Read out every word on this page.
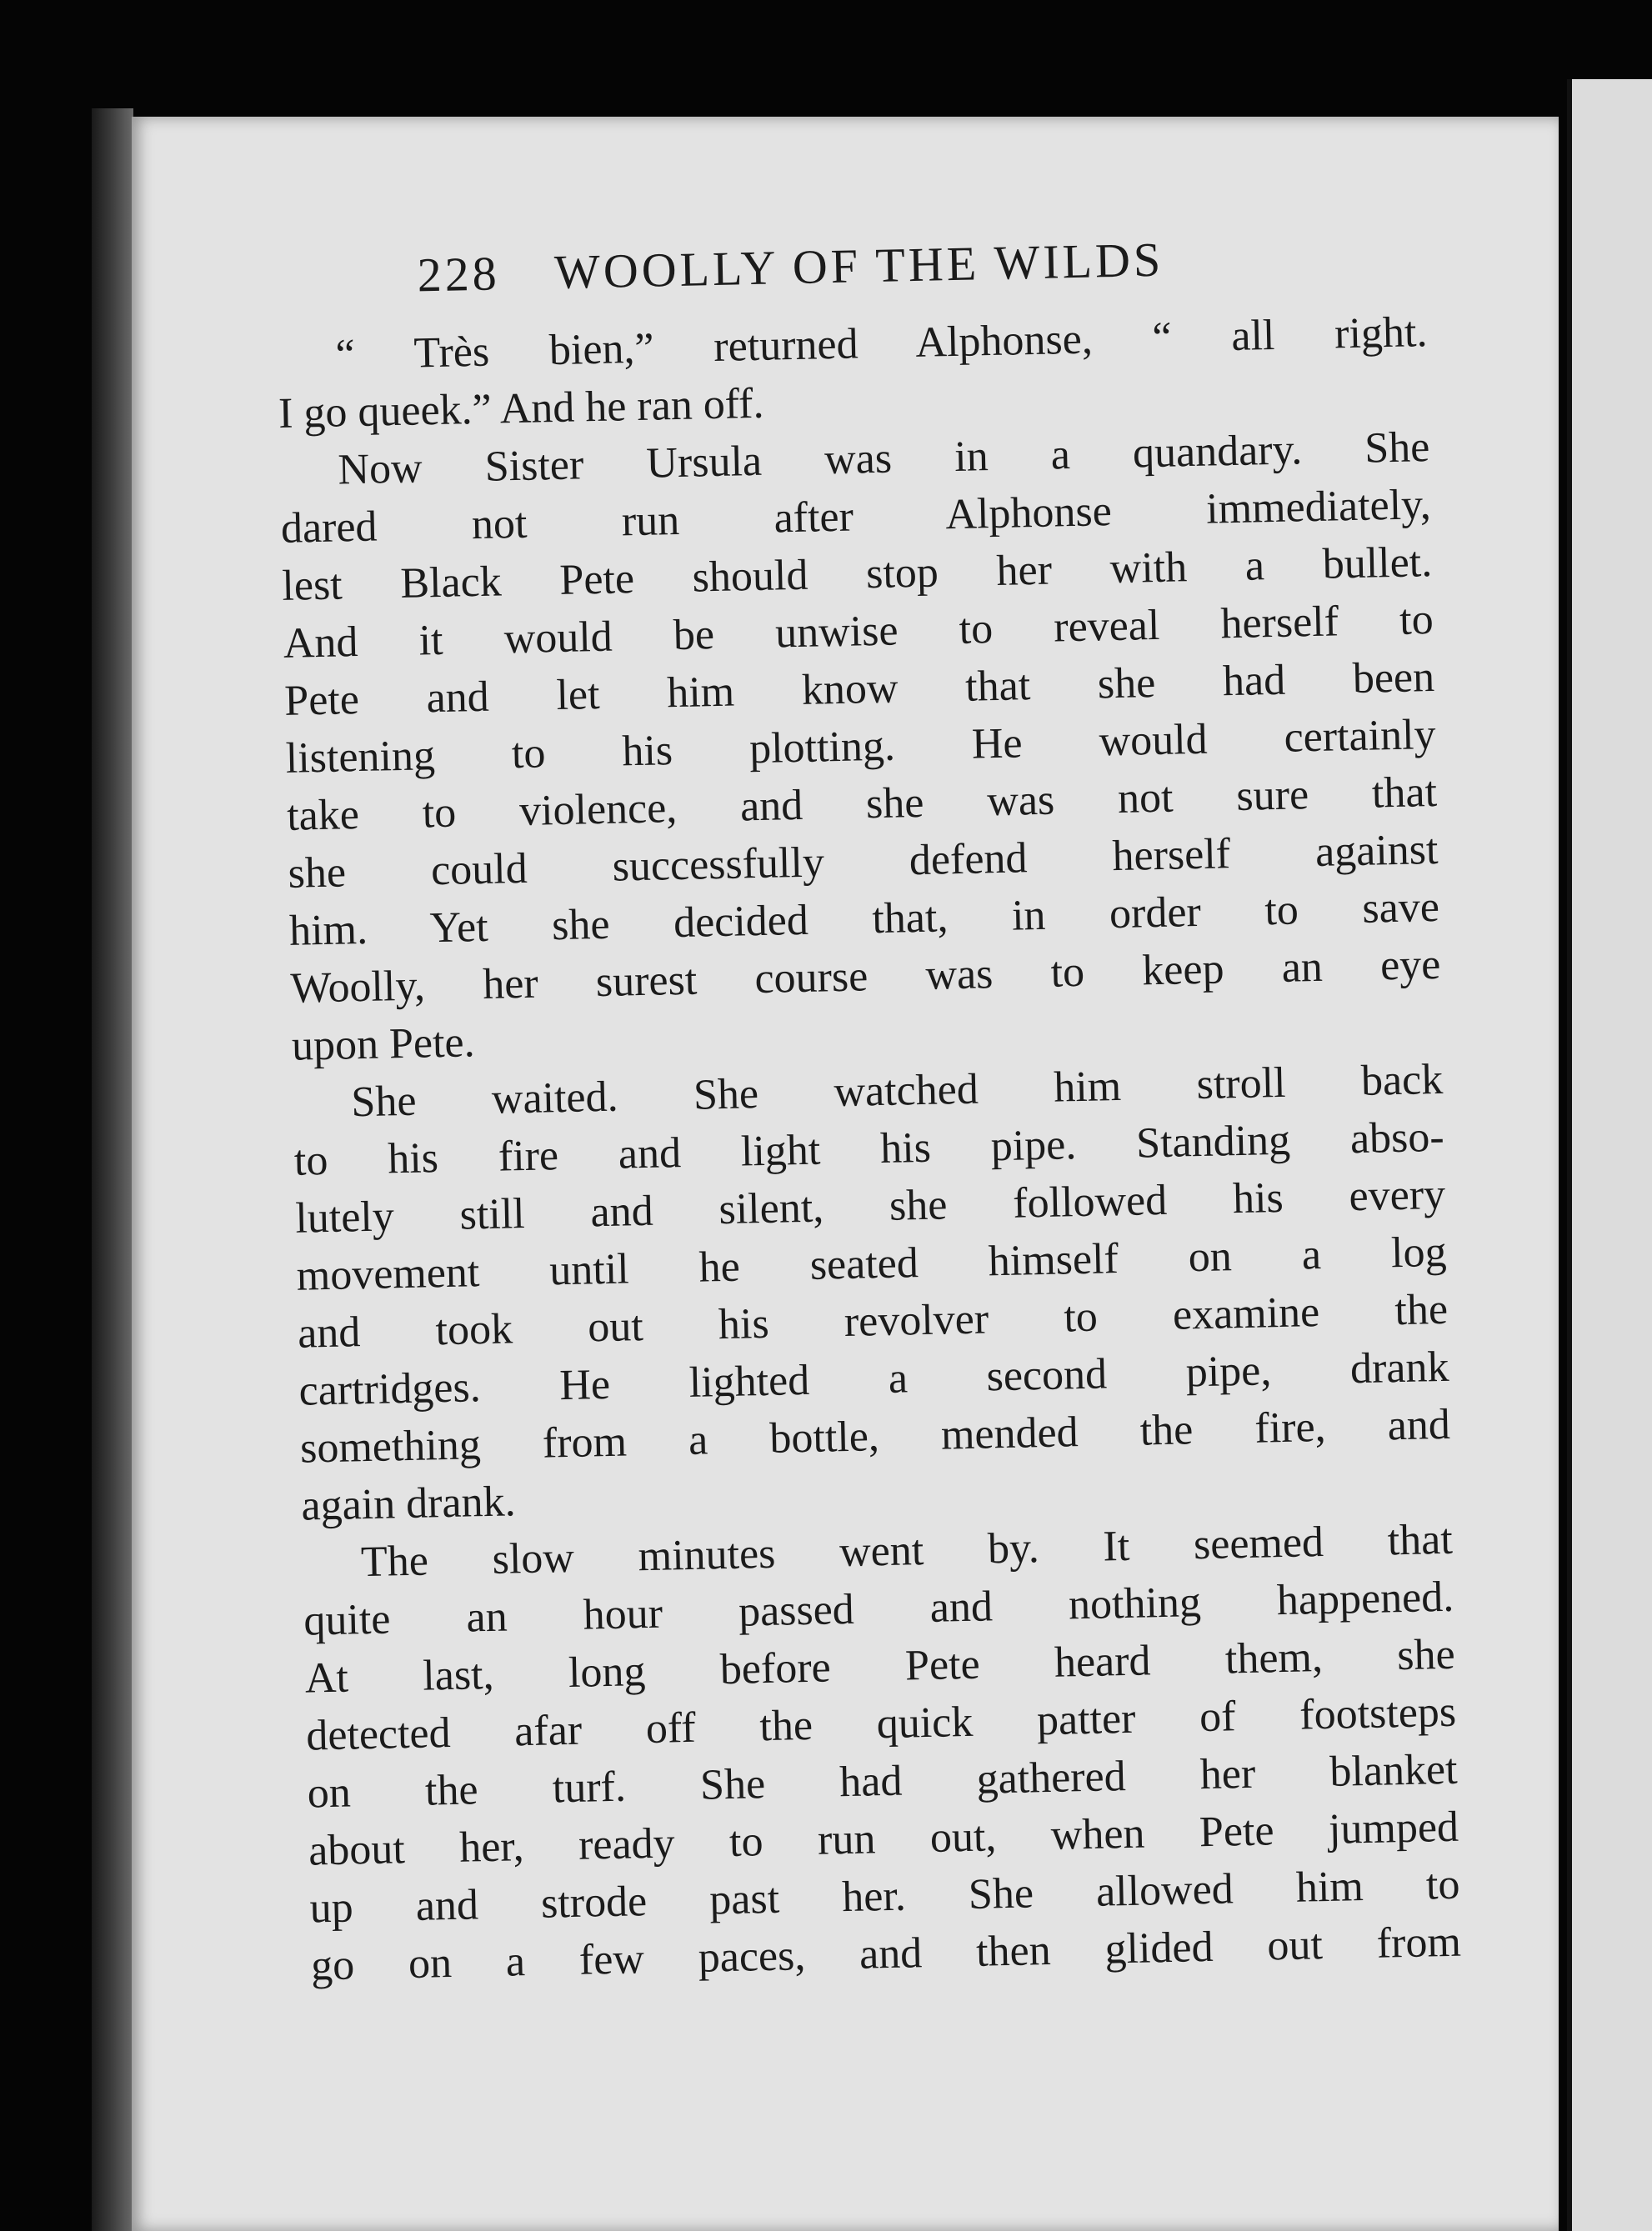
228 WOOLLY OF THE WILDS
“ Très bien,” returned Alphonse, “ all right.
I go queek.” And he ran off.
Now Sister Ursula was in a quandary. She
dared not run after Alphonse immediately,
lest Black Pete should stop her with a bullet.
And it would be unwise to reveal herself to
Pete and let him know that she had been
listening to his plotting. He would certainly
take to violence, and she was not sure that
she could successfully defend herself against
him. Yet she decided that, in order to save
Woolly, her surest course was to keep an eye
upon Pete.
She waited. She watched him stroll back
to his fire and light his pipe. Standing abso-
lutely still and silent, she followed his every
movement until he seated himself on a log
and took out his revolver to examine the
cartridges. He lighted a second pipe, drank
something from a bottle, mended the fire, and
again drank.
The slow minutes went by. It seemed that
quite an hour passed and nothing happened.
At last, long before Pete heard them, she
detected afar off the quick patter of footsteps
on the turf. She had gathered her blanket
about her, ready to run out, when Pete jumped
up and strode past her. She allowed him to
go on a few paces, and then glided out from
